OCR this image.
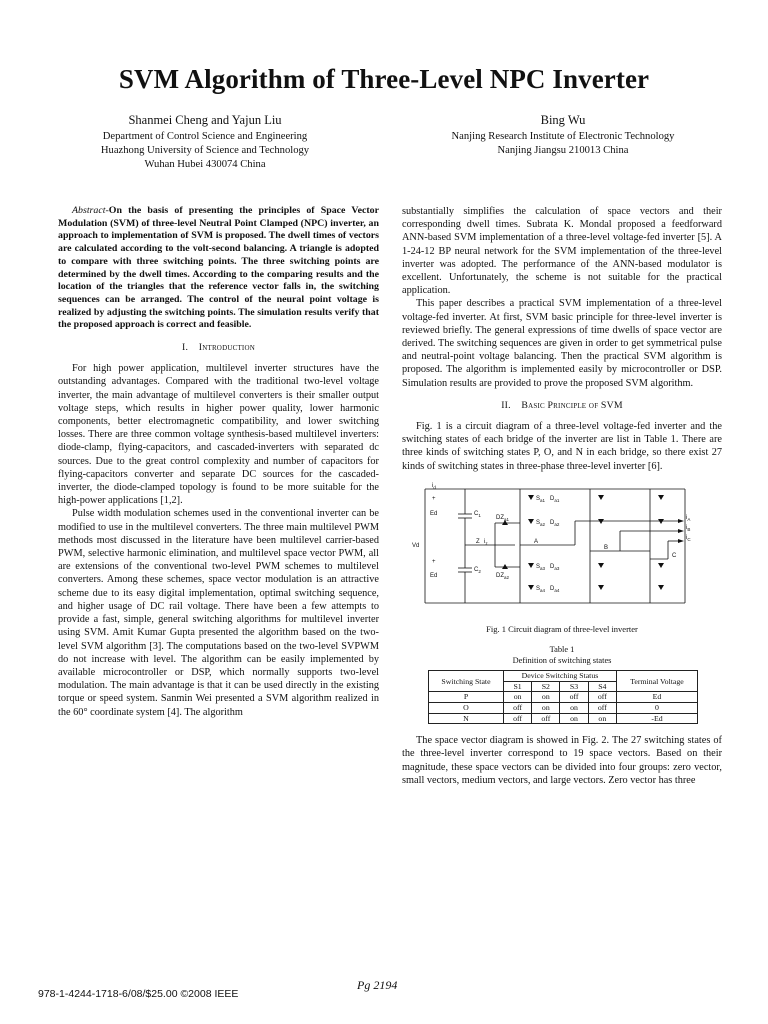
SVM Algorithm of Three-Level NPC Inverter
Shanmei Cheng and Yajun Liu
Department of Control Science and Engineering
Huazhong University of Science and Technology
Wuhan Hubei 430074 China
Bing Wu
Nanjing Research Institute of Electronic Technology
Nanjing Jiangsu 210013 China

Abstract-On the basis of presenting the principles of Space Vector Modulation (SVM) of three-level Neutral Point Clamped (NPC) inverter, an approach to implementation of SVM is proposed. The dwell times of vectors are calculated according to the volt-second balancing. A triangle is adopted to compare with three switching points. The three switching points are determined by the dwell times. According to the comparing results and the location of the triangles that the reference vector falls in, the switching sequences can be arranged. The control of the neural point voltage is realized by adjusting the switching points. The simulation results verify that the proposed approach is correct and feasible.

I. Introduction

For high power application, multilevel inverter structures have the outstanding advantages. Compared with the traditional two-level voltage inverter, the main advantage of multilevel converters is their smaller output voltage steps, which results in higher power quality, lower harmonic components, better electromagnetic compatibility, and lower switching losses. There are three common voltage synthesis-based multilevel inverters: diode-clamp, flying-capacitors, and cascaded-inverters with separated dc sources. Due to the great control complexity and number of capacitors for flying-capacitors converter and separate DC sources for the cascaded-inverter, the diode-clamped topology is found to be more suitable for the high-power applications [1,2].

Pulse width modulation schemes used in the conventional inverter can be modified to use in the multilevel converters. The three main multilevel PWM methods most discussed in the literature have been multilevel carrier-based PWM, selective harmonic elimination, and multilevel space vector PWM, all are extensions of the conventional two-level PWM schemes to multilevel converters. Among these schemes, space vector modulation is an attractive scheme due to its easy digital implementation, optimal switching sequence, and higher usage of DC rail voltage. There have been a few attempts to provide a fast, simple, general switching algorithms for multilevel inverter using SVM. Amit Kumar Gupta presented the algorithm based on the two-level SVM algorithm [3]. The computations based on the two-level SVPWM do not increase with level. The algorithm can be easily implemented by available microcontroller or DSP, which normally supports two-level modulation. The main advantage is that it can be used directly in the existing torque or speed system. Sanmin Wei presented a SVM algorithm realized in the 60° coordinate system [4]. The algorithm

substantially simplifies the calculation of space vectors and their corresponding dwell times. Subrata K. Mondal proposed a feedforward ANN-based SVM implementation of a three-level voltage-fed inverter [5]. A 1-24-12 BP neural network for the SVM implementation of the three-level inverter was adopted. The performance of the ANN-based modulator is excellent. Unfortunately, the scheme is not suitable for the practical application.

This paper describes a practical SVM implementation of a three-level voltage-fed inverter. At first, SVM basic principle for three-level inverter is reviewed briefly. The general expressions of time dwells of space vector are derived. The switching sequences are given in order to get symmetrical pulse and neutral-point voltage balancing. Then the practical SVM algorithm is proposed. The algorithm is implemented easily by microcontroller or DSP. Simulation results are provided to prove the proposed SVM algorithm.

II. Basic Principle of SVM

Fig. 1 is a circuit diagram of a three-level voltage-fed inverter and the switching states of each bridge of the inverter are list in Table 1. There are three kinds of switching states P, O, and N in each bridge, so there exist 27 kinds of switching states in three-phase three-level inverter [6].

$i_d$
+
Ed	$C_1$
Vd
Z $i_z$
+
Ed
$C_2$
$S_{a1}$ $D_{a1}$
$S_{a2}$ $D_{a2}$
$S_{a3}$ $D_{a3}$
$S_{a4}$ $D_{a4}$
$DZ_{a1}$
$DZ_{a2}$
A
B
C
$i_A$
$i_B$
$i_C$
Fig. 1 Circuit diagram of three-level inverter
Table 1
Definition of switching states
Switching State	Device Switching Status				Terminal Voltage
	S1	S2	S3	S4	
P	on	on	off	off	Ed
O	off	on	on	off	0
N	off	off	on	on	-Ed

The space vector diagram is showed in Fig. 2. The 27 switching states of the three-level inverter correspond to 19 space vectors. Based on their magnitude, these space vectors can be divided into four groups: zero vector, small vectors, medium vectors, and large vectors. Zero vector has three

978-1-4244-1718-6/08/$25.00 ©2008 IEEE
Pg 2194
